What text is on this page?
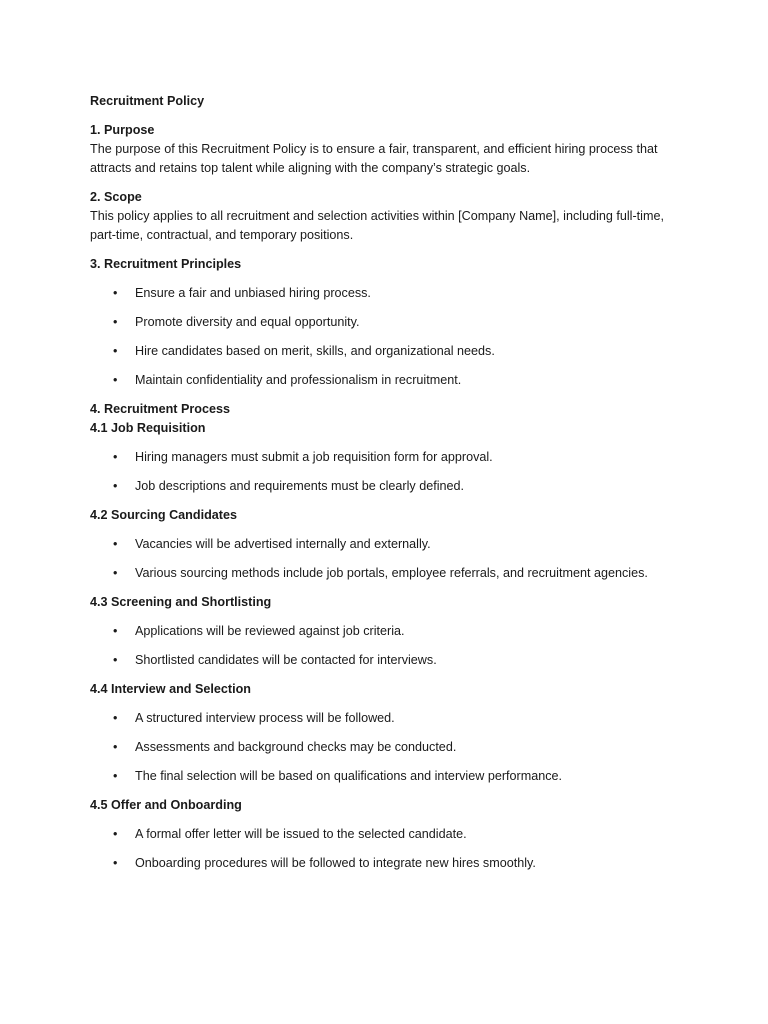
Recruitment Policy
1. Purpose

The purpose of this Recruitment Policy is to ensure a fair, transparent, and efficient hiring process that attracts and retains top talent while aligning with the company’s strategic goals.

2. Scope

This policy applies to all recruitment and selection activities within [Company Name], including full-time, part-time, contractual, and temporary positions.

3. Recruitment Principles
• Ensure a fair and unbiased hiring process.
• Promote diversity and equal opportunity.
• Hire candidates based on merit, skills, and organizational needs.
• Maintain confidentiality and professionalism in recruitment.
4. Recruitment Process
4.1 Job Requisition
• Hiring managers must submit a job requisition form for approval.
• Job descriptions and requirements must be clearly defined.
4.2 Sourcing Candidates
• Vacancies will be advertised internally and externally.
• Various sourcing methods include job portals, employee referrals, and recruitment agencies.
4.3 Screening and Shortlisting
• Applications will be reviewed against job criteria.
• Shortlisted candidates will be contacted for interviews.
4.4 Interview and Selection
• A structured interview process will be followed.
• Assessments and background checks may be conducted.
• The final selection will be based on qualifications and interview performance.
4.5 Offer and Onboarding
• A formal offer letter will be issued to the selected candidate.
• Onboarding procedures will be followed to integrate new hires smoothly.
